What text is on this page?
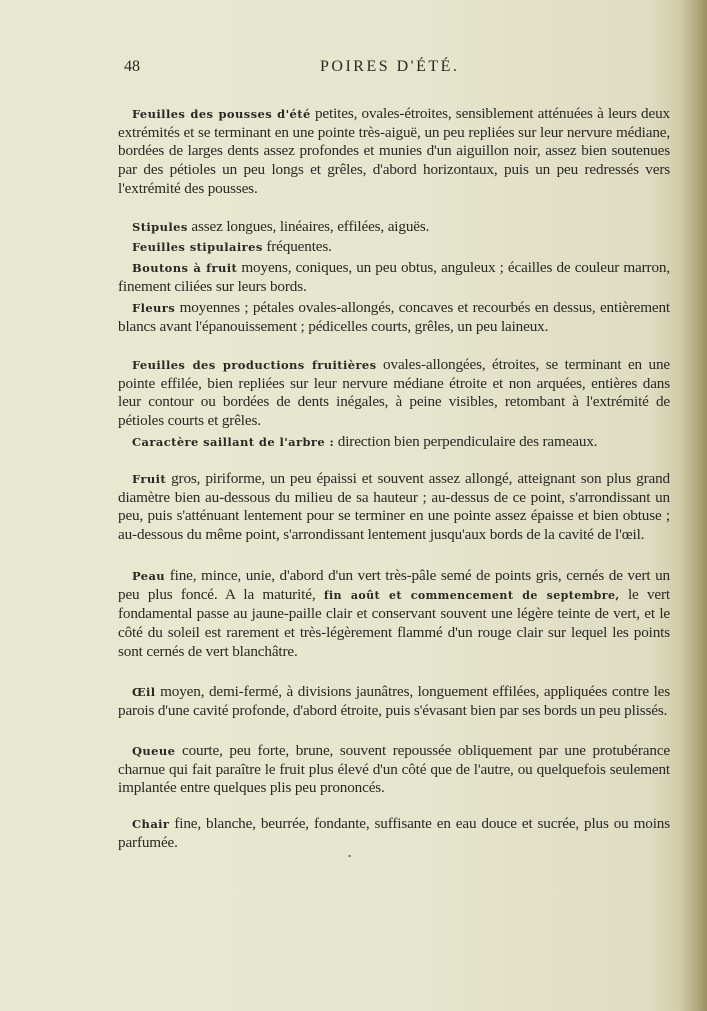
48	POIRES D'ÉTÉ.

Feuilles des pousses d'été petites, ovales-étroites, sensiblement atténuées à leurs deux extrémités et se terminant en une pointe très-aiguë, un peu repliées sur leur nervure médiane, bordées de larges dents assez profondes et munies d'un aiguillon noir, assez bien soutenues par des pétioles un peu longs et grêles, d'abord horizontaux, puis un peu redressés vers l'extrémité des pousses.

Stipules assez longues, linéaires, effilées, aiguës.

Feuilles stipulaires fréquentes.

Boutons à fruit moyens, coniques, un peu obtus, anguleux ; écailles de couleur marron, finement ciliées sur leurs bords.

Fleurs moyennes ; pétales ovales-allongés, concaves et recourbés en dessus, entièrement blancs avant l'épanouissement ; pédicelles courts, grêles, un peu laineux.

Feuilles des productions fruitières ovales-allongées, étroites, se terminant en une pointe effilée, bien repliées sur leur nervure médiane étroite et non arquées, entières dans leur contour ou bordées de dents inégales, à peine visibles, retombant à l'extrémité de pétioles courts et grêles.

Caractère saillant de l'arbre : direction bien perpendiculaire des rameaux.

Fruit gros, piriforme, un peu épaissi et souvent assez allongé, atteignant son plus grand diamètre bien au-dessous du milieu de sa hauteur ; au-dessus de ce point, s'arrondissant un peu, puis s'atténuant lentement pour se terminer en une pointe assez épaisse et bien obtuse ; au-dessous du même point, s'arrondissant lentement jusqu'aux bords de la cavité de l'œil.

Peau fine, mince, unie, d'abord d'un vert très-pâle semé de points gris, cernés de vert un peu plus foncé. A la maturité, fin août et commencement de septembre, le vert fondamental passe au jaune-paille clair et conservant souvent une légère teinte de vert, et le côté du soleil est rarement et très-légèrement flammé d'un rouge clair sur lequel les points sont cernés de vert blanchâtre.

Œil moyen, demi-fermé, à divisions jaunâtres, longuement effilées, appliquées contre les parois d'une cavité profonde, d'abord étroite, puis s'évasant bien par ses bords un peu plissés.

Queue courte, peu forte, brune, souvent repoussée obliquement par une protubérance charnue qui fait paraître le fruit plus élevé d'un côté que de l'autre, ou quelquefois seulement implantée entre quelques plis peu prononcés.

Chair fine, blanche, beurrée, fondante, suffisante en eau douce et sucrée, plus ou moins parfumée.
